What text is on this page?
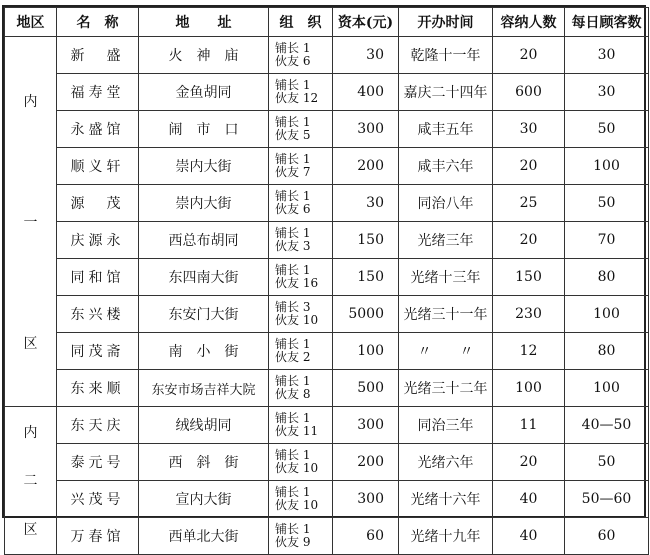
地区	名　称	地　　址	组　织	资本(元)	开办时间	容纳人数	每日顾客数

内
一
区	新　盛	火　神　庙	铺长 1
伙友 6	30	乾隆十一年	20	30
	福寿堂	金鱼胡同	铺长 1
伙友 12	400	嘉庆二十四年	600	30
	永盛馆	闹　市　口	铺长 1
伙友 5	300	咸丰五年	30	50
	顺义轩	崇内大街	铺长 1
伙友 7	200	咸丰六年	20	100
	源　茂	崇内大街	铺长 1
伙友 6	30	同治八年	25	50
	庆源永	西总布胡同	铺长 1
伙友 3	150	光绪三年	20	70
	同和馆	东四南大街	铺长 1
伙友 16	150	光绪十三年	150	80
	东兴楼	东安门大街	铺长 3
伙友 10	5000	光绪三十一年	230	100
	同茂斋	南　小　街	铺长 1
伙友 2	100	〃　　〃	12	80
	东来顺	东安市场吉祥大院	铺长 1
伙友 8	500	光绪三十二年	100	100

内
二
区	东天庆	绒线胡同	铺长 1
伙友 11	300	同治三年	11	40—50
	泰元号	西　斜　街	铺长 1
伙友 10	200	光绪六年	20	50
	兴茂号	宣内大街	铺长 1
伙友 10	300	光绪十六年	40	50—60
	万春馆	西单北大街	铺长 1
伙友 9	60	光绪十九年	40	60
